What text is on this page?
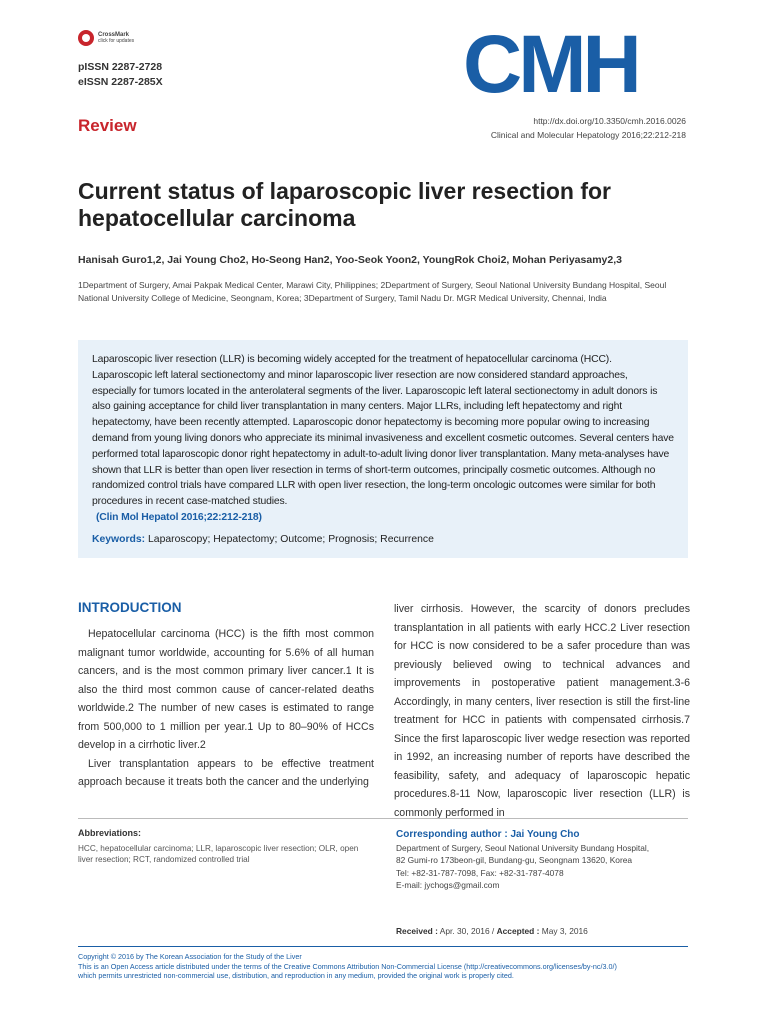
CrossMark
click for updates
pISSN 2287-2728
eISSN 2287-285X	CMH
http://dx.doi.org/10.3350/cmh.2016.0026
Clinical and Molecular Hepatology 2016;22:212-218
Review
Current status of laparoscopic liver resection for hepatocellular carcinoma
Hanisah Guro1,2, Jai Young Cho2, Ho-Seong Han2, Yoo-Seok Yoon2, YoungRok Choi2, Mohan Periyasamy2,3
1Department of Surgery, Amai Pakpak Medical Center, Marawi City, Philippines; 2Department of Surgery, Seoul National University Bundang Hospital, Seoul National University College of Medicine, Seongnam, Korea; 3Department of Surgery, Tamil Nadu Dr. MGR Medical University, Chennai, India
Laparoscopic liver resection (LLR) is becoming widely accepted for the treatment of hepatocellular carcinoma (HCC). Laparoscopic left lateral sectionectomy and minor laparoscopic liver resection are now considered standard approaches, especially for tumors located in the anterolateral segments of the liver. Laparoscopic left lateral sectionectomy in adult donors is also gaining acceptance for child liver transplantation in many centers. Major LLRs, including left hepatectomy and right hepatectomy, have been recently attempted. Laparoscopic donor hepatectomy is becoming more popular owing to increasing demand from young living donors who appreciate its minimal invasiveness and excellent cosmetic outcomes. Several centers have performed total laparoscopic donor right hepatectomy in adult-to-adult living donor liver transplantation. Many meta-analyses have shown that LLR is better than open liver resection in terms of short-term outcomes, principally cosmetic outcomes. Although no randomized control trials have compared LLR with open liver resection, the long-term oncologic outcomes were similar for both procedures in recent case-matched studies.
(Clin Mol Hepatol 2016;22:212-218)
Keywords: Laparoscopy; Hepatectomy; Outcome; Prognosis; Recurrence
INTRODUCTION

Hepatocellular carcinoma (HCC) is the fifth most common malignant tumor worldwide, accounting for 5.6% of all human cancers, and is the most common primary liver cancer.1 It is also the third most common cause of cancer-related deaths worldwide.2 The number of new cases is estimated to range from 500,000 to 1 million per year.1 Up to 80–90% of HCCs develop in a cirrhotic liver.2

Liver transplantation appears to be effective treatment approach because it treats both the cancer and the underlying

liver cirrhosis. However, the scarcity of donors precludes transplantation in all patients with early HCC.2 Liver resection for HCC is now considered to be a safer procedure than was previously believed owing to technical advances and improvements in postoperative patient management.3-6 Accordingly, in many centers, liver resection is still the first-line treatment for HCC in patients with compensated cirrhosis.7 Since the first laparoscopic liver wedge resection was reported in 1992, an increasing number of reports have described the feasibility, safety, and adequacy of laparoscopic hepatic procedures.8-11 Now, laparoscopic liver resection (LLR) is commonly performed in

Abbreviations:
HCC, hepatocellular carcinoma; LLR, laparoscopic liver resection; OLR, open liver resection; RCT, randomized controlled trial
Corresponding author : Jai Young Cho
Department of Surgery, Seoul National University Bundang Hospital,
82 Gumi-ro 173beon-gil, Bundang-gu, Seongnam 13620, Korea
Tel: +82-31-787-7098, Fax: +82-31-787-4078
E-mail: jychogs@gmail.com
Received : Apr. 30, 2016 / Accepted : May 3, 2016
Copyright © 2016 by The Korean Association for the Study of the Liver
This is an Open Access article distributed under the terms of the Creative Commons Attribution Non-Commercial License (http://creativecommons.org/licenses/by-nc/3.0/)
which permits unrestricted non-commercial use, distribution, and reproduction in any medium, provided the original work is properly cited.
